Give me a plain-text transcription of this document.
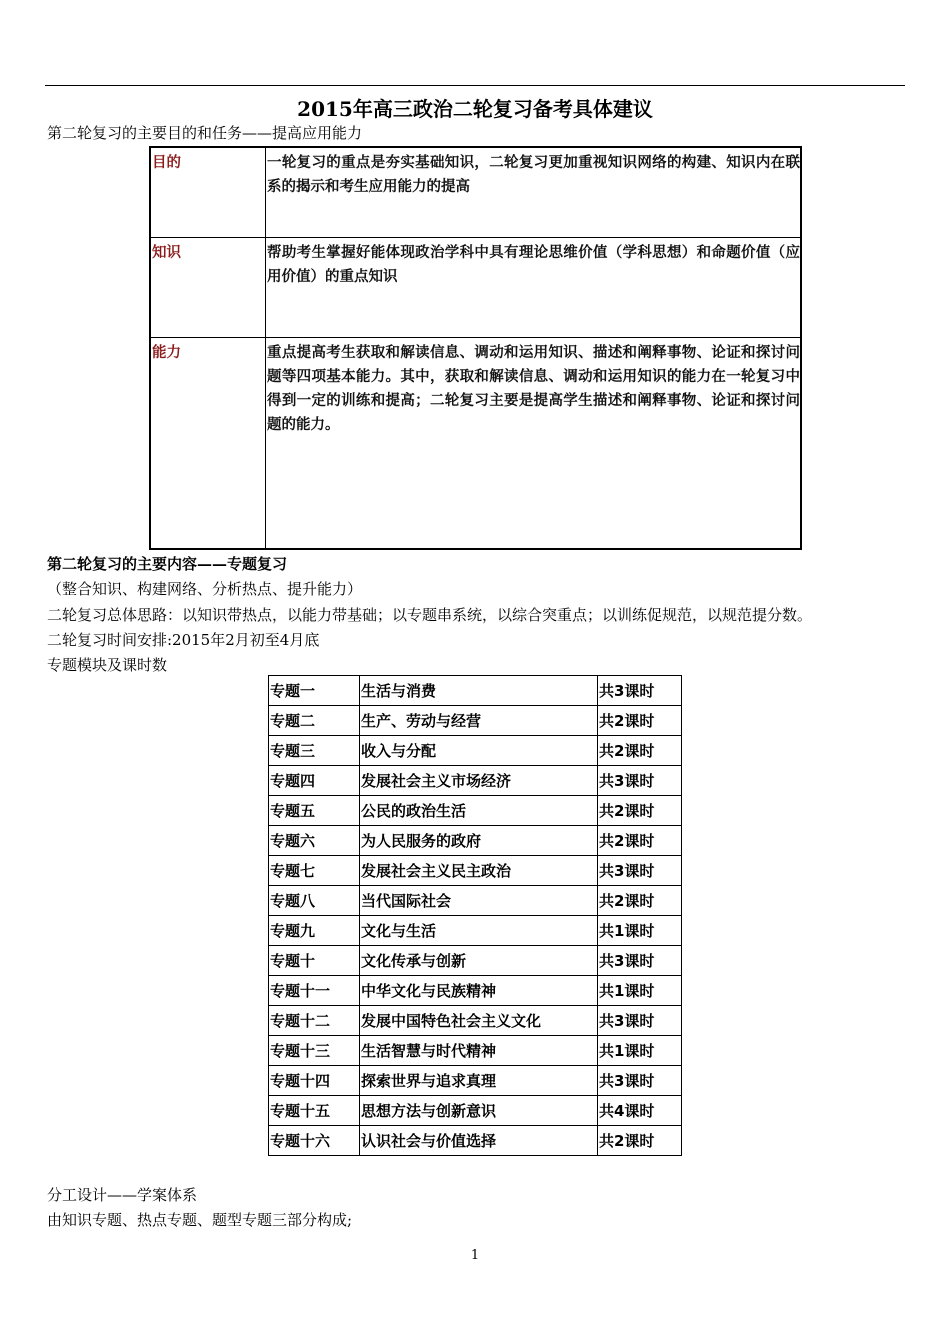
2015年高三政治二轮复习备考具体建议
第二轮复习的主要目的和任务——提高应用能力
目的	一轮复习的重点是夯实基础知识，二轮复习更加重视知识网络的构建、知识内在联系的揭示和考生应用能力的提高
知识	帮助考生掌握好能体现政治学科中具有理论思维价值（学科思想）和命题价值（应用价值）的重点知识
能力	重点提高考生获取和解读信息、调动和运用知识、描述和阐释事物、论证和探讨问题等四项基本能力。其中，获取和解读信息、调动和运用知识的能力在一轮复习中得到一定的训练和提高；二轮复习主要是提高学生描述和阐释事物、论证和探讨问题的能力。
第二轮复习的主要内容——专题复习
（整合知识、构建网络、分析热点、提升能力）
二轮复习总体思路：以知识带热点，以能力带基础；以专题串系统，以综合突重点；以训练促规范，以规范提分数。
二轮复习时间安排:2015年2月初至4月底
专题模块及课时数
专题一	生活与消费	共3课时
专题二	生产、劳动与经营	共2课时
专题三	收入与分配	共2课时
专题四	发展社会主义市场经济	共3课时
专题五	公民的政治生活	共2课时
专题六	为人民服务的政府	共2课时
专题七	发展社会主义民主政治	共3课时
专题八	当代国际社会	共2课时
专题九	文化与生活	共1课时
专题十	文化传承与创新	共3课时
专题十一	中华文化与民族精神	共1课时
专题十二	发展中国特色社会主义文化	共3课时
专题十三	生活智慧与时代精神	共1课时
专题十四	探索世界与追求真理	共3课时
专题十五	思想方法与创新意识	共4课时
专题十六	认识社会与价值选择	共2课时
分工设计——学案体系
由知识专题、热点专题、题型专题三部分构成;
1
